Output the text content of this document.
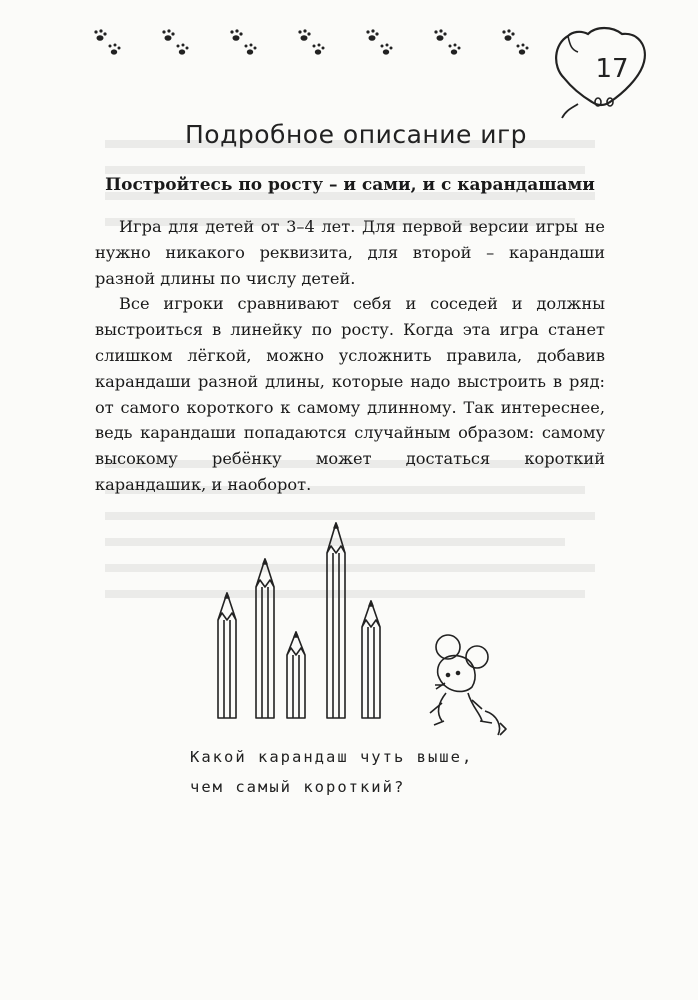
17
Подробное описание игр
Постройтесь по росту – и сами, и с карандашами

Игра для детей от 3–4 лет. Для первой версии игры не нужно никакого реквизита, для второй – карандаши разной длины по числу детей.

Все игроки сравнивают себя и соседей и должны выстроиться в линейку по росту. Когда эта игра станет слишком лёгкой, можно усложнить правила, добавив карандаши разной длины, которые надо выстроить в ряд: от самого короткого к самому длинному. Так интереснее, ведь карандаши попадаются случайным образом: самому высокому ребёнку может достаться короткий карандашик, и наоборот.

Какой карандаш чуть выше,
чем самый короткий?
